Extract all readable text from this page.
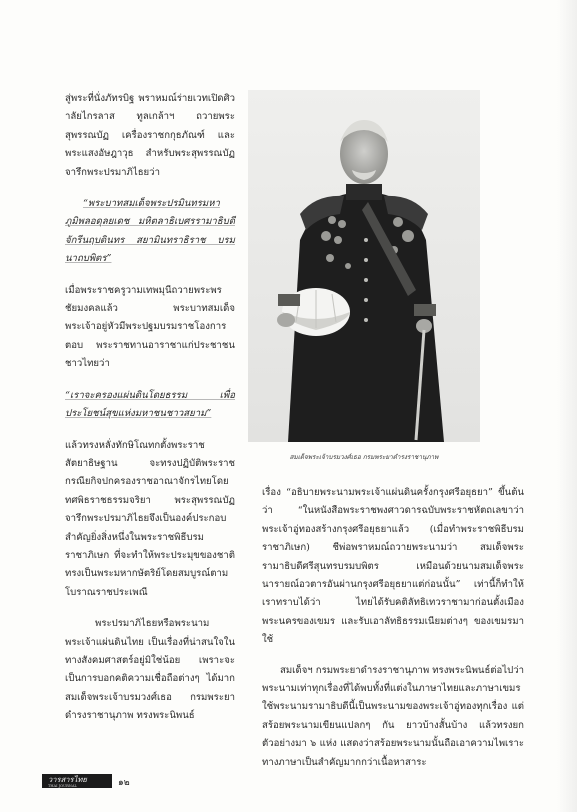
สู่พระที่นั่งภัทรบิฐ พราหมณ์ร่ายเวทเปิดศิวาลัยไกรลาส ทูลเกล้าฯ ถวายพระสุพรรณบัฏ เครื่องราชกกุธภัณฑ์ และพระแสงอัษฎาวุธ สำหรับพระสุพรรณบัฏจารึกพระปรมาภิไธยว่า

“พระบาทสมเด็จพระปรมินทรมหาภูมิพลอดุลยเดช มหิตลาธิเบศรรามาธิบดี จักรีนฤบดินทร สยามินทราธิราช บรมนาถบพิตร”

เมื่อพระราชครูวามเทพมุนีถวายพระพรชัยมงคลแล้ว พระบาทสมเด็จพระเจ้าอยู่หัวมีพระปฐมบรมราชโองการตอบ พระราชทานอาราชาแก่ประชาชนชาวไทยว่า

“เราจะครองแผ่นดินโดยธรรม เพื่อประโยชน์สุขแห่งมหาชนชาวสยาม”

แล้วทรงหลั่งทักษิโณทกตั้งพระราชสัตยาธิษฐาน จะทรงปฏิบัติพระราชกรณียกิจปกครองราชอาณาจักรไทยโดยทศพิธราชธรรมจริยา พระสุพรรณบัฏจารึกพระปรมาภิไธยจึงเป็นองค์ประกอบสำคัญยิ่งสิ่งหนึ่งในพระราชพิธีบรมราชาภิเษก ที่จะทำให้พระประมุขของชาติทรงเป็นพระมหากษัตริย์โดยสมบูรณ์ตามโบราณราชประเพณี

พระปรมาภิไธยหรือพระนามพระเจ้าแผ่นดินไทย เป็นเรื่องที่น่าสนใจในทางสังคมศาสตร์อยู่มิใช่น้อย เพราะจะเป็นการบอกคติความเชื่อถือต่างๆ ได้มาก สมเด็จพระเจ้าบรมวงศ์เธอ กรมพระยาดำรงราชานุภาพ ทรงพระนิพนธ์

สมเด็จพระเจ้าบรมวงศ์เธอ กรมพระยาดำรงราชานุภาพ

เรื่อง “อธิบายพระนามพระเจ้าแผ่นดินครั้งกรุงศรีอยุธยา” ขึ้นต้นว่า “ในหนังสือพระราชพงศาวดารฉบับพระราชหัตถเลขาว่า พระเจ้าอู่ทองสร้างกรุงศรีอยุธยาแล้ว (เมื่อทำพระราชพิธีบรมราชาภิเษก) ชีพ่อพราหมณ์ถวายพระนามว่า สมเด็จพระรามาธิบดีศรีสุนทรบรมบพิตร เหมือนด้วยนามสมเด็จพระนารายณ์อวตารอันผ่านกรุงศรีอยุธยาแต่ก่อนนั้น” เท่านี้ก็ทำให้เราทราบได้ว่า ไทยได้รับคติลัทธิเทวราชามาก่อนตั้งเมืองพระนครของเขมร และรับเอาลัทธิธรรมเนียมต่างๆ ของเขมรมาใช้

สมเด็จฯ กรมพระยาดำรงราชานุภาพ ทรงพระนิพนธ์ต่อไปว่าพระนามเท่าทุกเรื่องที่ได้พบทั้งที่แต่งในภาษาไทยและภาษาเขมร ใช้พระนามรามาธิบดีนี้เป็นพระนามของพระเจ้าอู่ทองทุกเรื่อง แต่สร้อยพระนามเขียนแปลกๆ กัน ยาวบ้างสั้นบ้าง แล้วทรงยกตัวอย่างมา ๖ แห่ง แสดงว่าสร้อยพระนามนั้นถือเอาความไพเราะทางภาษาเป็นสำคัญมากกว่าเนื้อหาสาระ

วารสารไทย
THAI JOURNAL	๑๒
